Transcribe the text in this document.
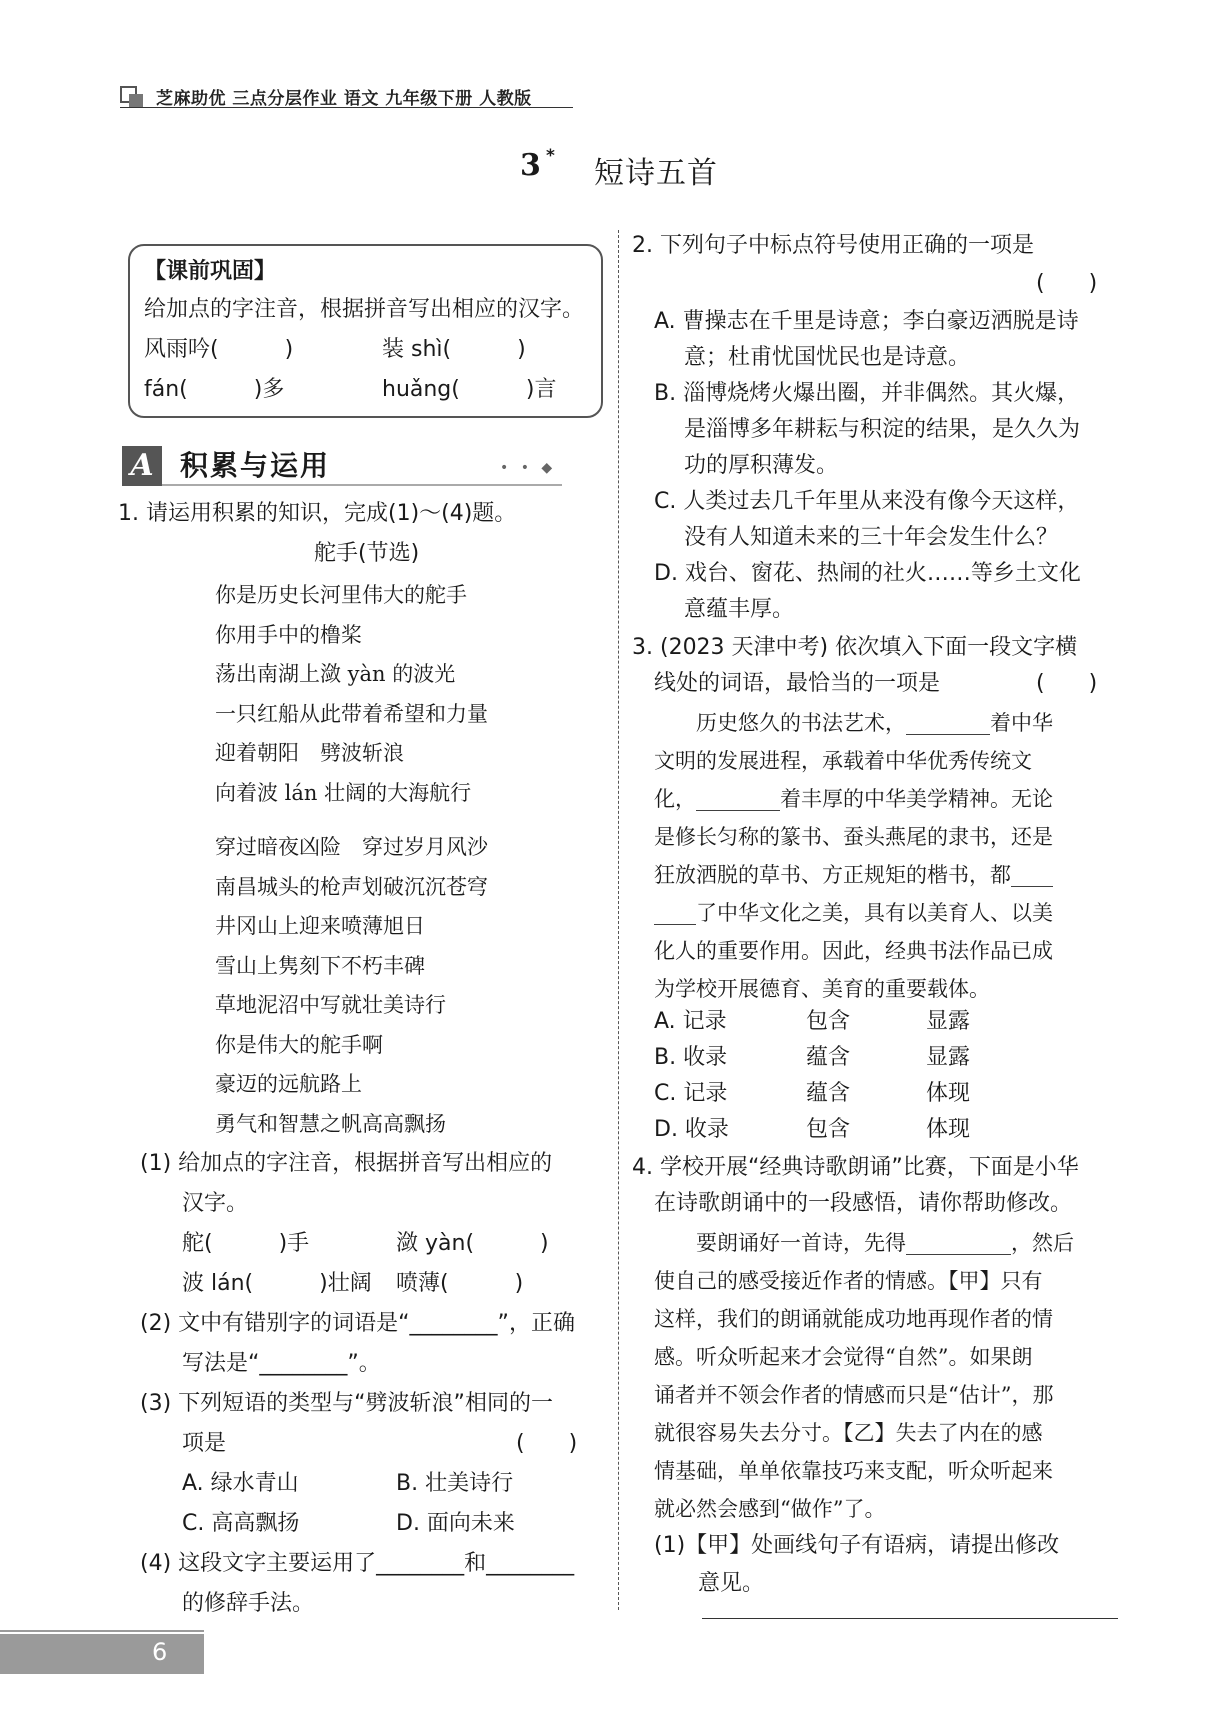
芝麻助优 三点分层作业 语文 九年级下册 人教版
3 * 短诗五首
【课前巩固】
给加点的字注音，根据拼音写出相应的汉字。
风雨吟(　　　)	装 shì(　　　)
fán(　　　)多	huǎng(　　　)言
A 积累与运用	• • ◆
1. 请运用积累的知识，完成(1)～(4)题。
舵手(节选)
你是历史长河里伟大的舵手
你用手中的橹桨
荡出南湖上潋 yàn 的波光
一只红船从此带着希望和力量
迎着朝阳　劈波斩浪
向着波 lán 壮阔的大海航行
穿过暗夜凶险　穿过岁月风沙
南昌城头的枪声划破沉沉苍穹
井冈山上迎来喷薄旭日
雪山上隽刻下不朽丰碑
草地泥沼中写就壮美诗行
你是伟大的舵手啊
豪迈的远航路上
勇气和智慧之帆高高飘扬
(1) 给加点的字注音，根据拼音写出相应的
汉字。
舵(　　　)手	潋 yàn(　　　)
波 lán(　　　)壮阔 喷薄(　　　)
(2) 文中有错别字的词语是“________”，正确
写法是“________”。
(3) 下列短语的类型与“劈波斩浪”相同的一
项是	(　　)
A. 绿水青山	B. 壮美诗行
C. 高高飘扬	D. 面向未来
(4) 这段文字主要运用了________和________
的修辞手法。
2. 下列句子中标点符号使用正确的一项是
(　　)
A. 曹操志在千里是诗意；李白豪迈洒脱是诗
意；杜甫忧国忧民也是诗意。
B. 淄博烧烤火爆出圈，并非偶然。其火爆，
是淄博多年耕耘与积淀的结果，是久久为
功的厚积薄发。
C. 人类过去几千年里从来没有像今天这样，
没有人知道未来的三十年会发生什么？
D. 戏台、窗花、热闹的社火……等乡土文化
意蕴丰厚。
3. (2023 天津中考) 依次填入下面一段文字横
线处的词语，最恰当的一项是	(　　)
　　历史悠久的书法艺术，________着中华
文明的发展进程，承载着中华优秀传统文
化，________着丰厚的中华美学精神。无论
是修长匀称的篆书、蚕头燕尾的隶书，还是
狂放洒脱的草书、方正规矩的楷书，都____
____了中华文化之美，具有以美育人、以美
化人的重要作用。因此，经典书法作品已成
为学校开展德育、美育的重要载体。
A. 记录	包含	显露
B. 收录	蕴含	显露
C. 记录	蕴含	体现
D. 收录	包含	体现
4. 学校开展“经典诗歌朗诵”比赛，下面是小华
在诗歌朗诵中的一段感悟，请你帮助修改。
　　要朗诵好一首诗，先得__________，然后
使自己的感受接近作者的情感。【甲】只有
这样，我们的朗诵就能成功地再现作者的情
感。听众听起来才会觉得“自然”。如果朗
诵者并不领会作者的情感而只是“估计”，那
就很容易失去分寸。【乙】失去了内在的感
情基础，单单依靠技巧来支配，听众听起来
就必然会感到“做作”了。
(1)【甲】处画线句子有语病，请提出修改
意见。
6
